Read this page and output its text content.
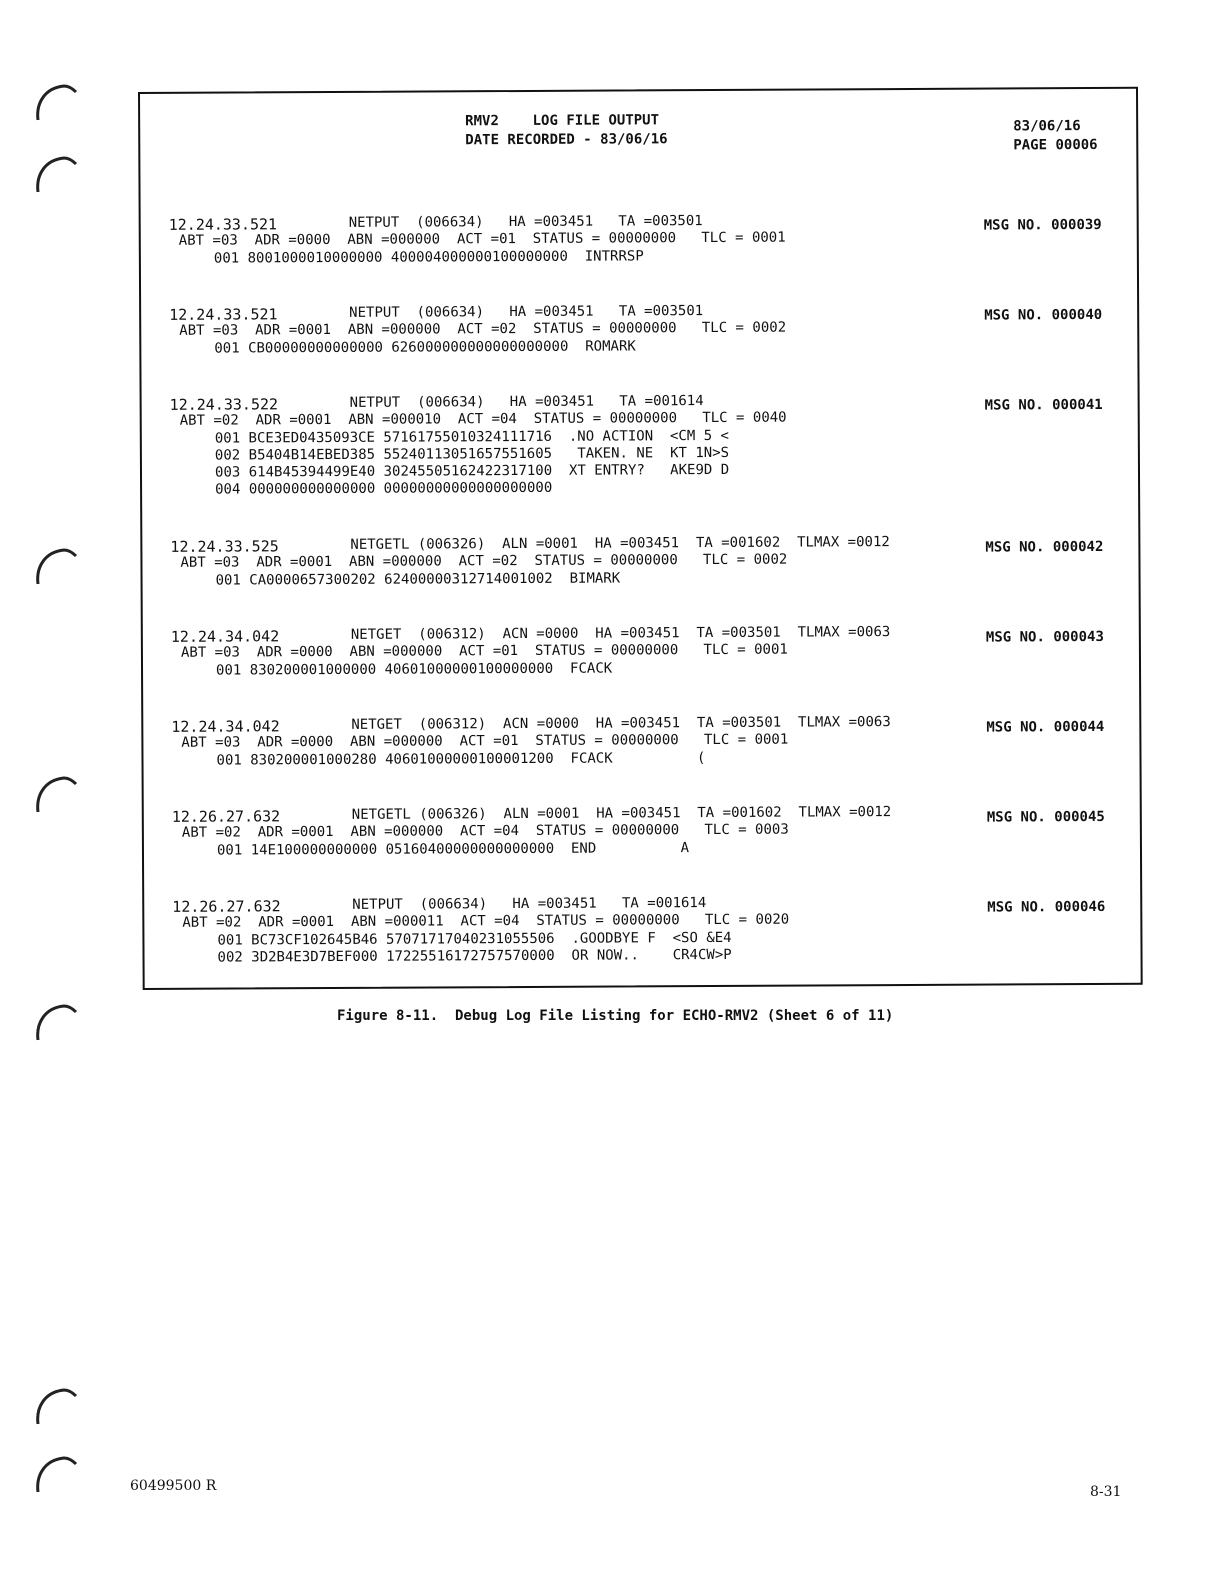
RMV2    LOG FILE OUTPUT
DATE RECORDED - 83/06/16
83/06/16
PAGE 00006
12.24.33.521	NETPUT  (006634)   HA =003451   TA =003501
ABT =03  ADR =0000  ABN =000000  ACT =01  STATUS = 00000000   TLC = 0001
MSG NO. 000039
001 8001000010000000 400004000000100000000  INTRRSP
12.24.33.521	NETPUT  (006634)   HA =003451   TA =003501
ABT =03  ADR =0001  ABN =000000  ACT =02  STATUS = 00000000   TLC = 0002
MSG NO. 000040
001 CB00000000000000 626000000000000000000  ROMARK
12.24.33.522	NETPUT  (006634)   HA =003451   TA =001614
ABT =02  ADR =0001  ABN =000010  ACT =04  STATUS = 00000000   TLC = 0040
MSG NO. 000041
001 BCE3ED0435093CE 57161755010324111716  .NO ACTION  <CM 5 <
002 B5404B14EBED385 55240113051657551605   TAKEN. NE  KT 1N>S
003 614B45394499E40 30245505162422317100  XT ENTRY?   AKE9D D
004 000000000000000 00000000000000000000
12.24.33.525	NETGETL (006326)  ALN =0001  HA =003451  TA =001602  TLMAX =0012
ABT =03  ADR =0001  ABN =000000  ACT =02  STATUS = 00000000   TLC = 0002
MSG NO. 000042
001 CA0000657300202 62400000312714001002  BIMARK
12.24.34.042	NETGET  (006312)  ACN =0000  HA =003451  TA =003501  TLMAX =0063
ABT =03  ADR =0000  ABN =000000  ACT =01  STATUS = 00000000   TLC = 0001
MSG NO. 000043
001 830200001000000 40601000000100000000  FCACK
12.24.34.042	NETGET  (006312)  ACN =0000  HA =003451  TA =003501  TLMAX =0063
ABT =03  ADR =0000  ABN =000000  ACT =01  STATUS = 00000000   TLC = 0001
MSG NO. 000044
001 830200001000280 40601000000100001200  FCACK          (
12.26.27.632	NETGETL (006326)  ALN =0001  HA =003451  TA =001602  TLMAX =0012
ABT =02  ADR =0001  ABN =000000  ACT =04  STATUS = 00000000   TLC = 0003
MSG NO. 000045
001 14E100000000000 05160400000000000000  END          A
12.26.27.632	NETPUT  (006634)   HA =003451   TA =001614
ABT =02  ADR =0001  ABN =000011  ACT =04  STATUS = 00000000   TLC = 0020
MSG NO. 000046
001 BC73CF102645B46 57071717040231055506  .GOODBYE F  <SO &E4
002 3D2B4E3D7BEF000 17225516172757570000  OR NOW..    CR4CW>P
Figure 8-11.  Debug Log File Listing for ECHO-RMV2 (Sheet 6 of 11)
60499500 R	8-31
